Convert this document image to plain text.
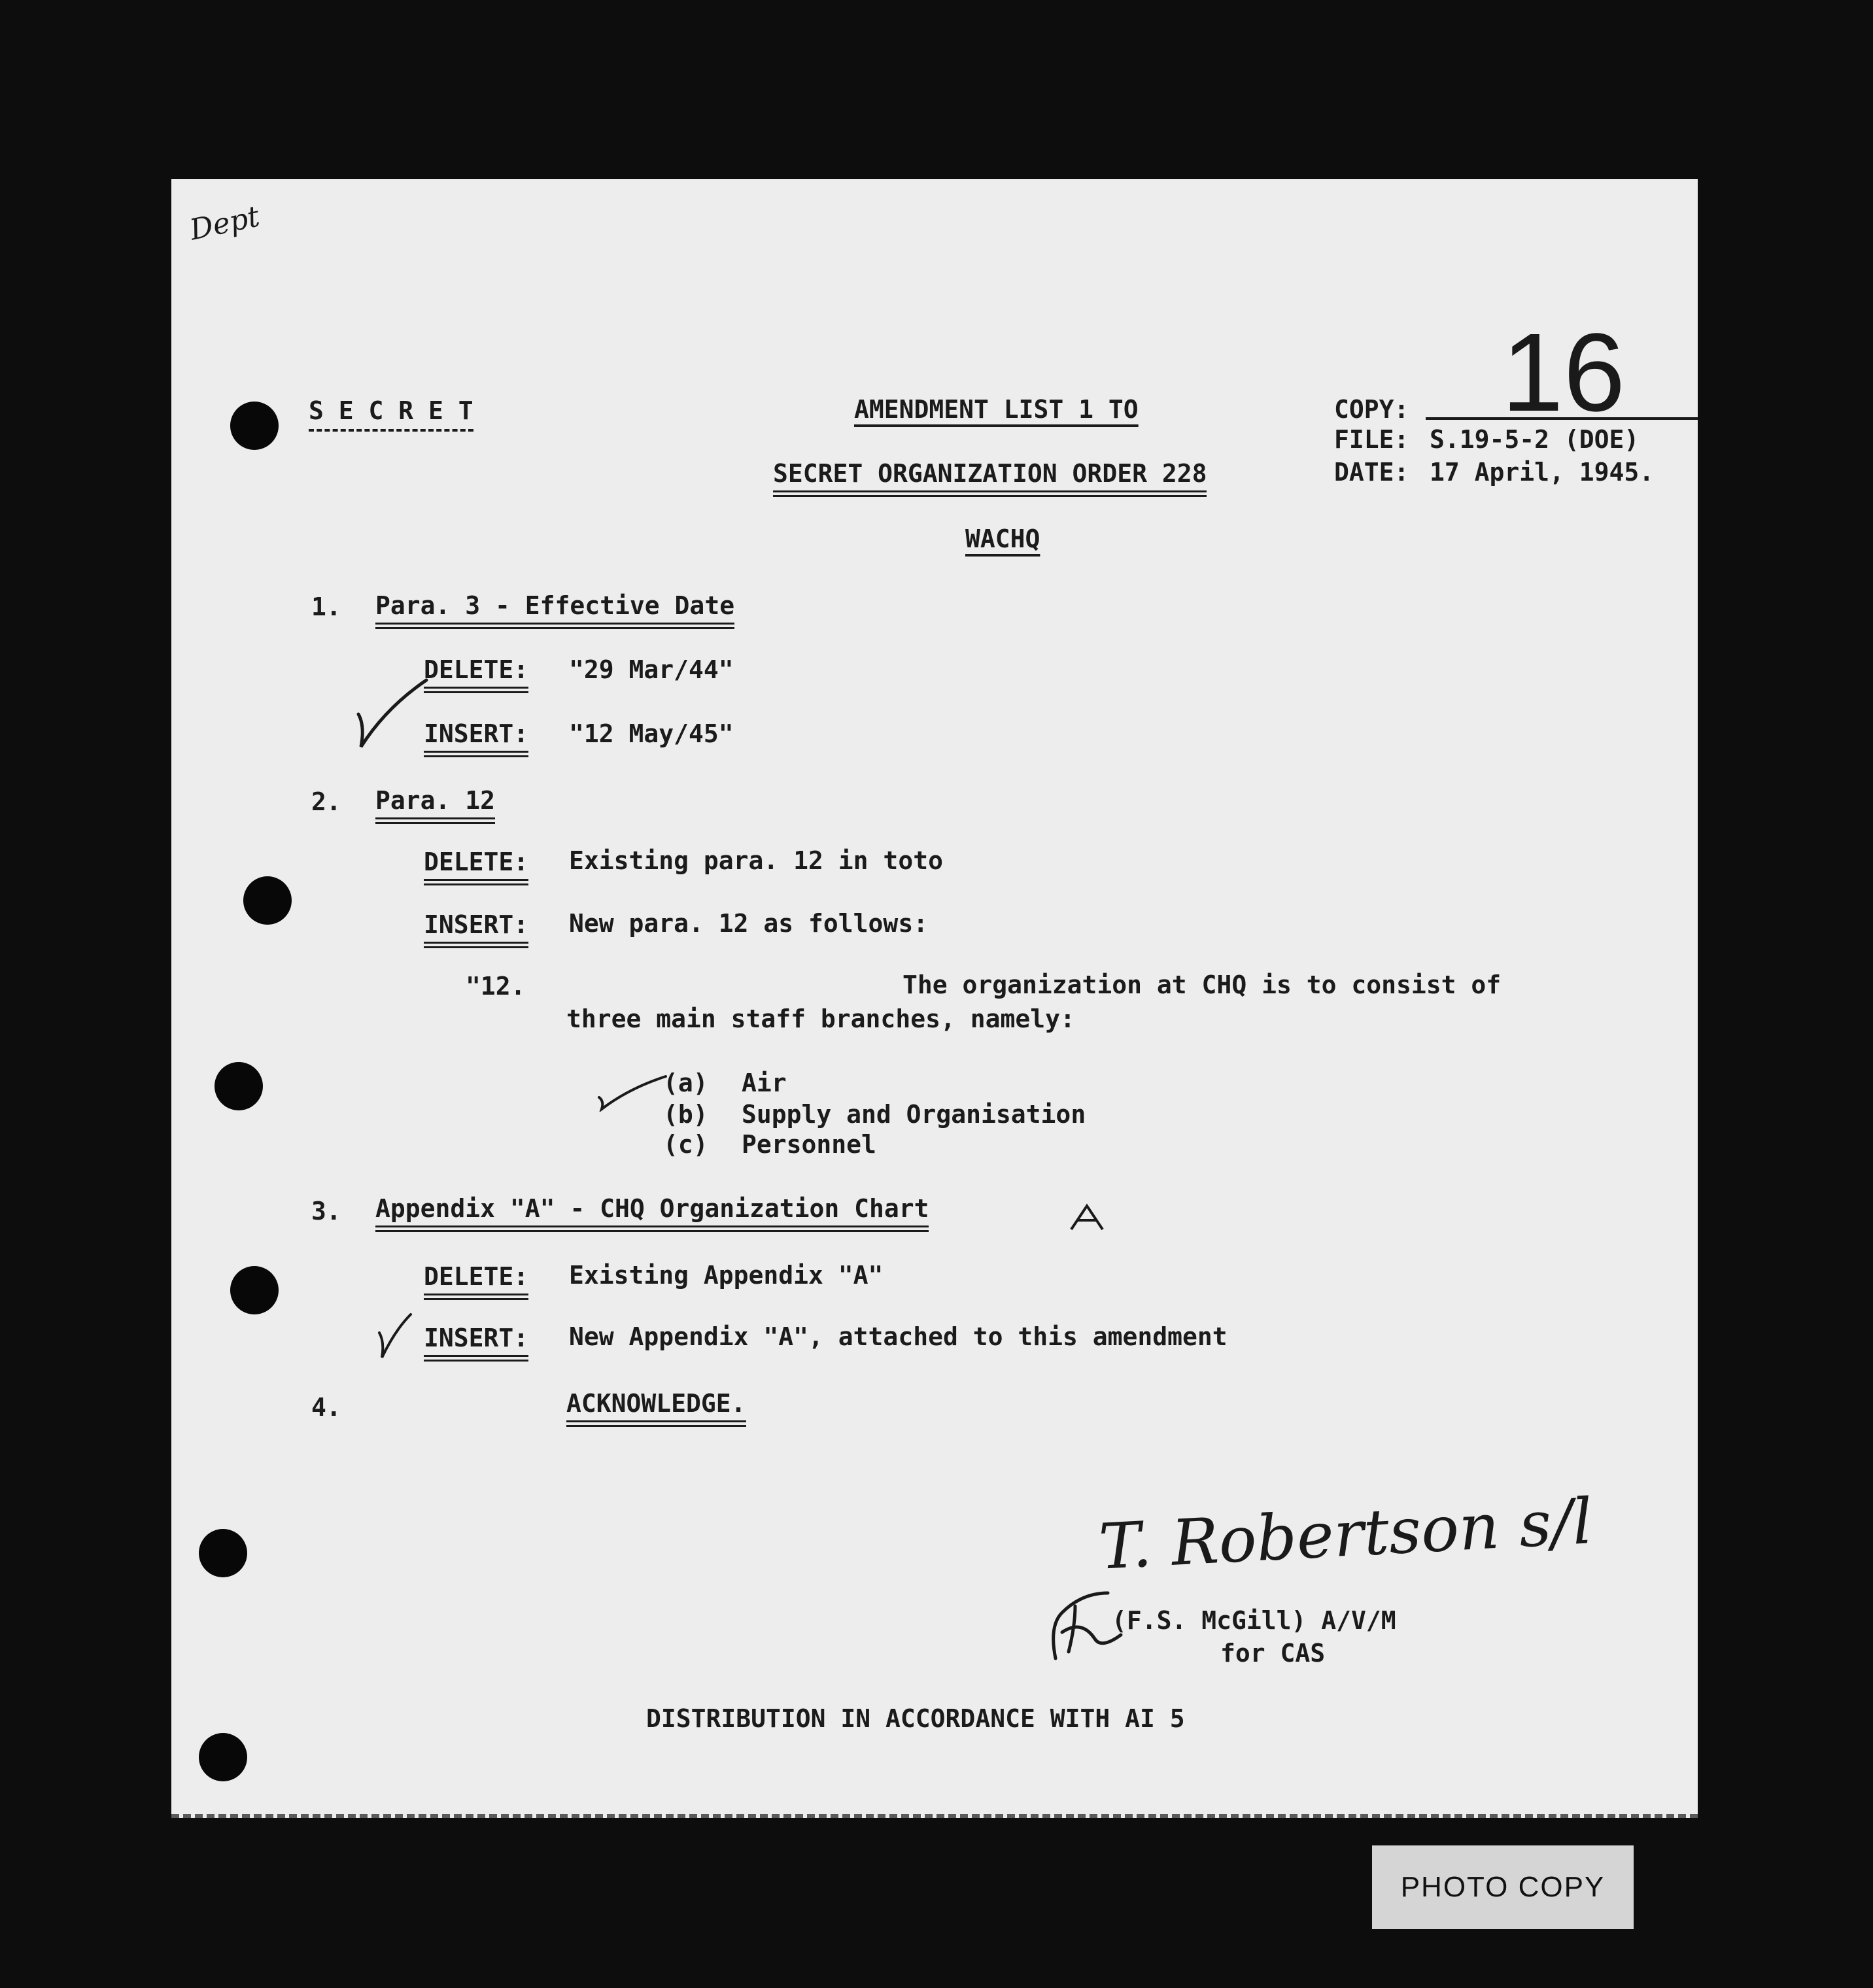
Dept
S E C R E T	AMENDMENT LIST 1 TO
SECRET ORGANIZATION ORDER 228
WACHQ
COPY: 16
FILE: S.19-5-2 (DOE)
DATE: 17 April, 1945.
1. Para. 3 - Effective Date
DELETE: "29 Mar/44"
INSERT: "12 May/45"
2. Para. 12
DELETE: Existing para. 12 in toto
INSERT: New para. 12 as follows:
"12.	The organization at CHQ is to consist of
three main staff branches, namely:
(a) Air
(b) Supply and Organisation
(c) Personnel
3. Appendix "A" - CHQ Organization Chart
DELETE: Existing Appendix "A"
INSERT: New Appendix "A", attached to this amendment
4.	ACKNOWLEDGE.
T. Robertson s/l
(F.S. McGill) A/V/M
for CAS
DISTRIBUTION IN ACCORDANCE WITH AI 5
PHOTO COPY
